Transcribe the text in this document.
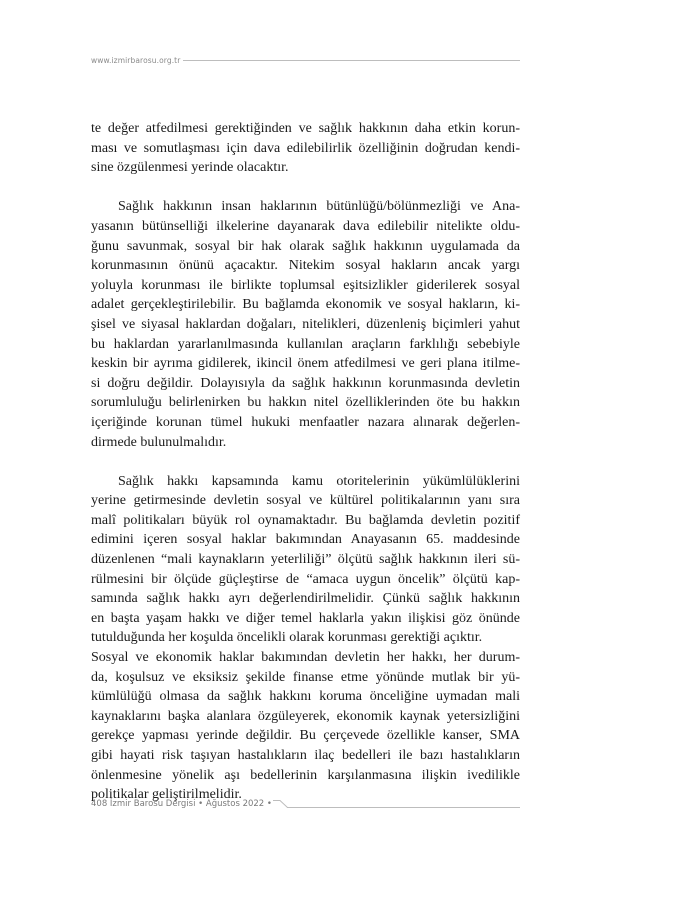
www.izmirbarosu.org.tr

te değer atfedilmesi gerektiğinden ve sağlık hakkının daha etkin korun-
ması ve somutlaşması için dava edilebilirlik özelliğinin doğrudan kendi-
sine özgülenmesi yerinde olacaktır.

Sağlık hakkının insan haklarının bütünlüğü/bölünmezliği ve Ana-
yasanın bütünselliği ilkelerine dayanarak dava edilebilir nitelikte oldu-
ğunu savunmak, sosyal bir hak olarak sağlık hakkının uygulamada da
korunmasının önünü açacaktır. Nitekim sosyal hakların ancak yargı
yoluyla korunması ile birlikte toplumsal eşitsizlikler giderilerek sosyal
adalet gerçekleştirilebilir. Bu bağlamda ekonomik ve sosyal hakların, ki-
şisel ve siyasal haklardan doğaları, nitelikleri, düzenleniş biçimleri yahut
bu haklardan yararlanılmasında kullanılan araçların farklılığı sebebiyle
keskin bir ayrıma gidilerek, ikincil önem atfedilmesi ve geri plana itilme-
si doğru değildir. Dolayısıyla da sağlık hakkının korunmasında devletin
sorumluluğu belirlenirken bu hakkın nitel özelliklerinden öte bu hakkın
içeriğinde korunan tümel hukuki menfaatler nazara alınarak değerlen-
dirmede bulunulmalıdır.

Sağlık hakkı kapsamında kamu otoritelerinin yükümlülüklerini
yerine getirmesinde devletin sosyal ve kültürel politikalarının yanı sıra
malî politikaları büyük rol oynamaktadır. Bu bağlamda devletin pozitif
edimini içeren sosyal haklar bakımından Anayasanın 65. maddesinde
düzenlenen “mali kaynakların yeterliliği” ölçütü sağlık hakkının ileri sü-
rülmesini bir ölçüde güçleştirse de “amaca uygun öncelik” ölçütü kap-
samında sağlık hakkı ayrı değerlendirilmelidir. Çünkü sağlık hakkının
en başta yaşam hakkı ve diğer temel haklarla yakın ilişkisi göz önünde
tutulduğunda her koşulda öncelikli olarak korunması gerektiği açıktır.
Sosyal ve ekonomik haklar bakımından devletin her hakkı, her durum-
da, koşulsuz ve eksiksiz şekilde finanse etme yönünde mutlak bir yü-
kümlülüğü olmasa da sağlık hakkını koruma önceliğine uymadan mali
kaynaklarını başka alanlara özgüleyerek, ekonomik kaynak yetersizliğini
gerekçe yapması yerinde değildir. Bu çerçevede özellikle kanser, SMA
gibi hayati risk taşıyan hastalıkların ilaç bedelleri ile bazı hastalıkların
önlenmesine yönelik aşı bedellerinin karşılanmasına ilişkin ivedilikle
politikalar geliştirilmelidir.

408 İzmir Barosu Dergisi • Ağustos 2022 •
